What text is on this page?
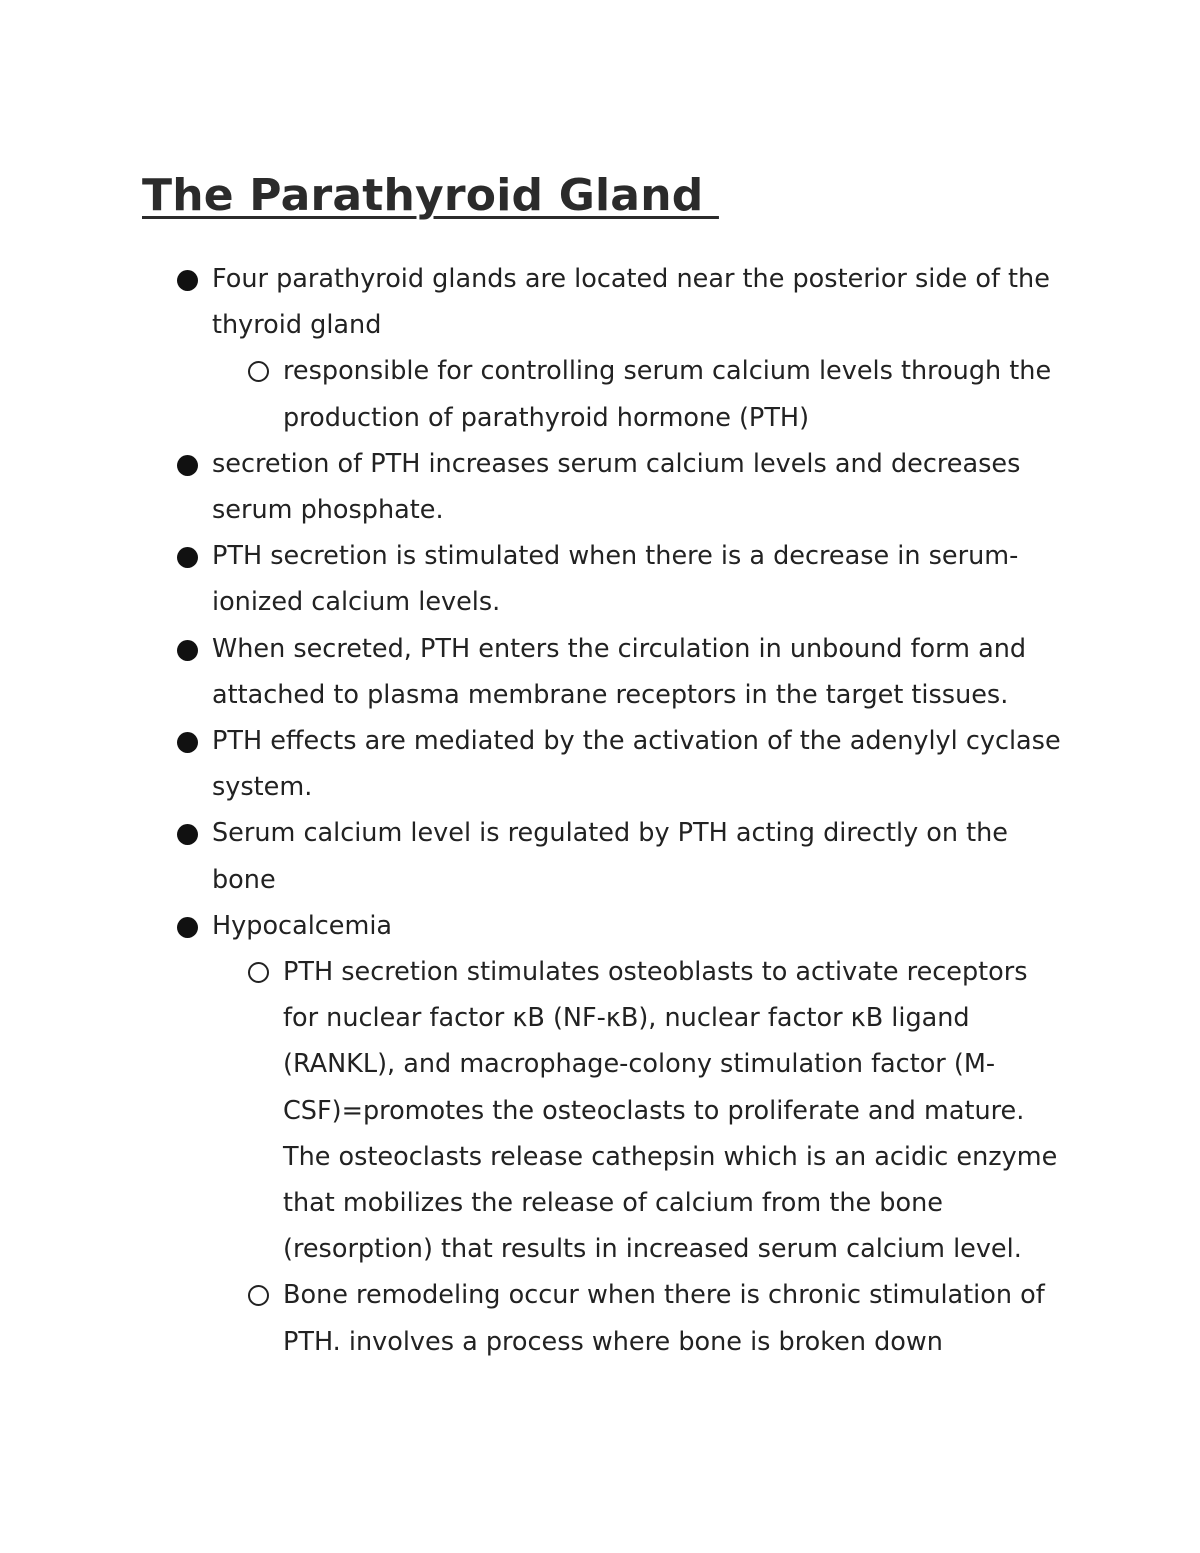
The Parathyroid Gland
Four parathyroid glands are located near the posterior side of the thyroid gland
responsible for controlling serum calcium levels through the production of parathyroid hormone (PTH)
secretion of PTH increases serum calcium levels and decreases serum phosphate.
PTH secretion is stimulated when there is a decrease in serum-ionized calcium levels.
When secreted, PTH enters the circulation in unbound form and attached to plasma membrane receptors in the target tissues.
PTH effects are mediated by the activation of the adenylyl cyclase system.
Serum calcium level is regulated by PTH acting directly on the bone
Hypocalcemia
PTH secretion stimulates osteoblasts to activate receptors for nuclear factor κB (NF-κB), nuclear factor κB ligand (RANKL), and macrophage-colony stimulation factor (M-CSF)=promotes the osteoclasts to proliferate and mature. The osteoclasts release cathepsin which is an acidic enzyme that mobilizes the release of calcium from the bone (resorption) that results in increased serum calcium level.
Bone remodeling occur when there is chronic stimulation of PTH. involves a process where bone is broken down
